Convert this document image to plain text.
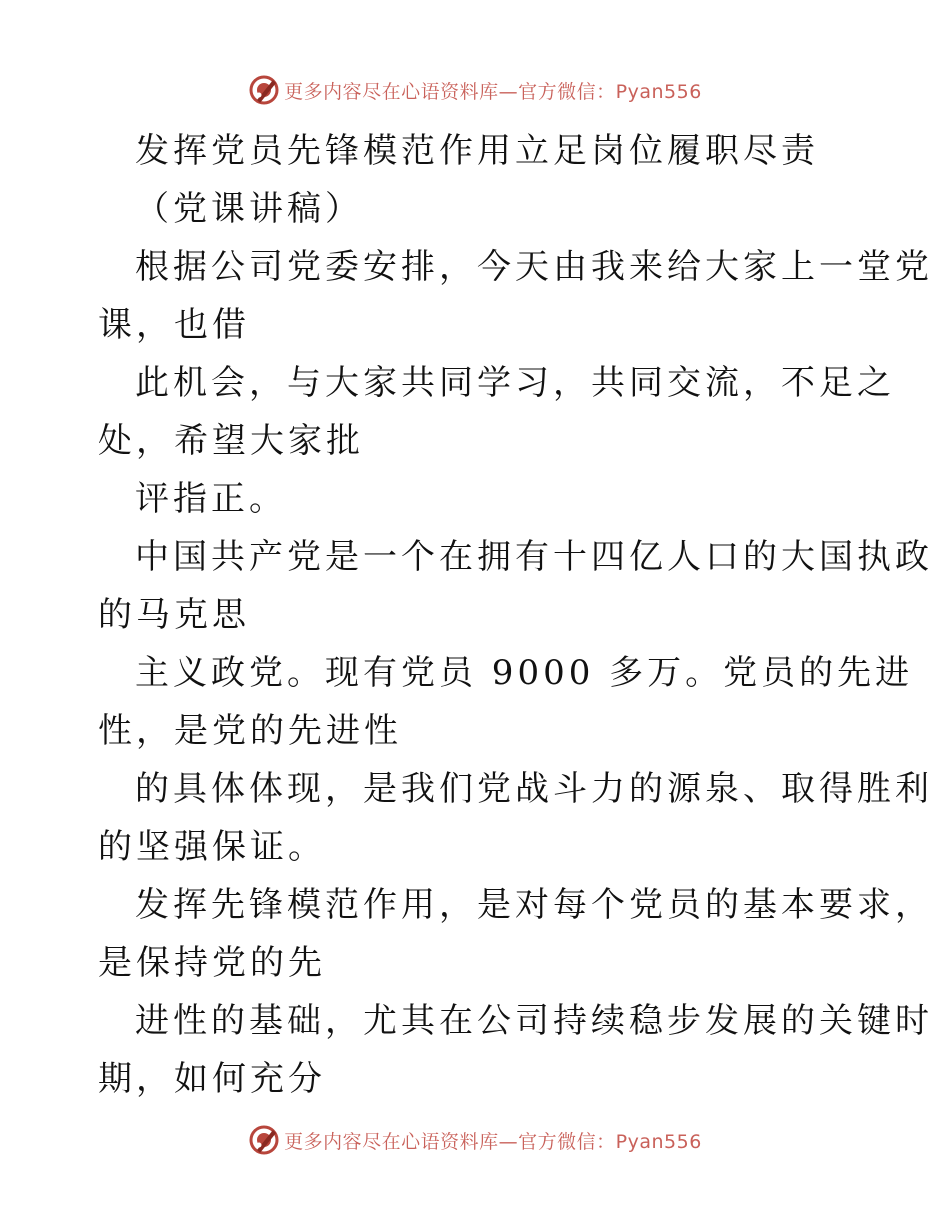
更多内容尽在心语资料库—官方微信：Pyan556
发挥党员先锋模范作用立足岗位履职尽责
（党课讲稿）
根据公司党委安排，今天由我来给大家上一堂党
课，也借
此机会，与大家共同学习，共同交流，不足之
处，希望大家批
评指正。
中国共产党是一个在拥有十四亿人口的大国执政
的马克思
主义政党。现有党员 9000 多万。党员的先进
性，是党的先进性
的具体体现，是我们党战斗力的源泉、取得胜利
的坚强保证。
发挥先锋模范作用，是对每个党员的基本要求，
是保持党的先
进性的基础，尤其在公司持续稳步发展的关键时
期，如何充分
更多内容尽在心语资料库—官方微信：Pyan556
